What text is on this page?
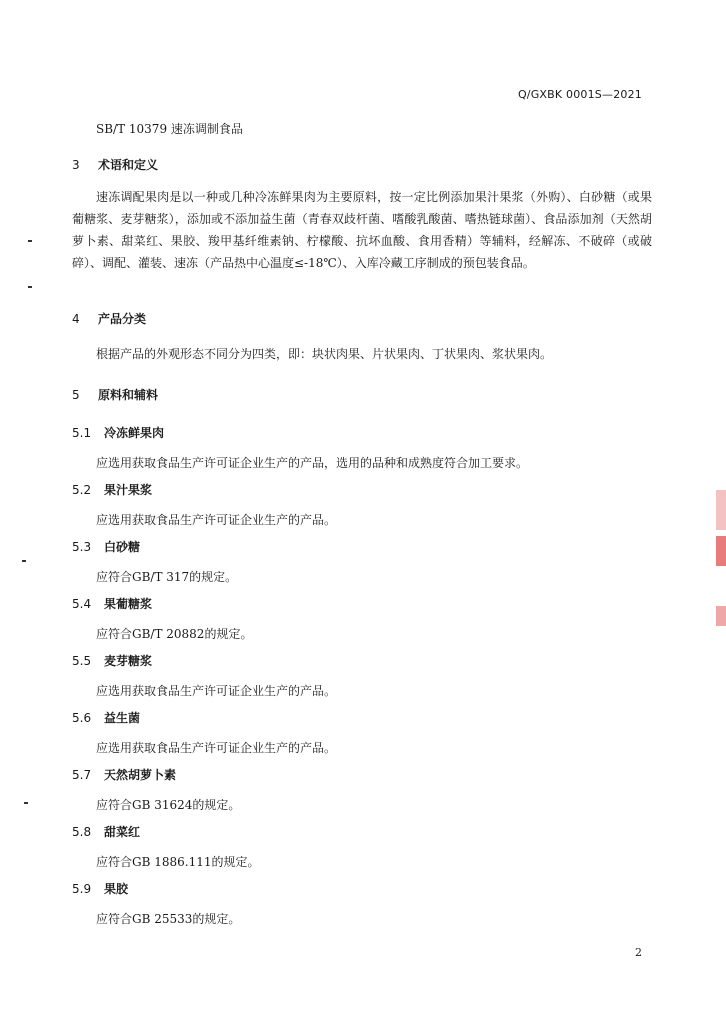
Q/GXBK 0001S—2021
SB/T 10379 速冻调制食品
3 术语和定义
速冻调配果肉是以一种或几种冷冻鲜果肉为主要原料，按一定比例添加果汁果浆（外购）、白砂糖（或果葡糖浆、麦芽糖浆），添加或不添加益生菌（青春双歧杆菌、嗜酸乳酸菌、嗜热链球菌）、食品添加剂（天然胡萝卜素、甜菜红、果胶、羧甲基纤维素钠、柠檬酸、抗坏血酸、食用香精）等辅料，经解冻、不破碎（或破碎）、调配、灌装、速冻（产品热中心温度≤-18℃）、入库冷藏工序制成的预包装食品。
4 产品分类
根据产品的外观形态不同分为四类，即：块状肉果、片状果肉、丁状果肉、浆状果肉。
5 原料和辅料
5.1 冷冻鲜果肉
应选用获取食品生产许可证企业生产的产品，选用的品种和成熟度符合加工要求。
5.2 果汁果浆
应选用获取食品生产许可证企业生产的产品。
5.3 白砂糖
应符合GB/T 317的规定。
5.4 果葡糖浆
应符合GB/T 20882的规定。
5.5 麦芽糖浆
应选用获取食品生产许可证企业生产的产品。
5.6 益生菌
应选用获取食品生产许可证企业生产的产品。
5.7 天然胡萝卜素
应符合GB 31624的规定。
5.8 甜菜红
应符合GB 1886.111的规定。
5.9 果胶
应符合GB 25533的规定。
2
